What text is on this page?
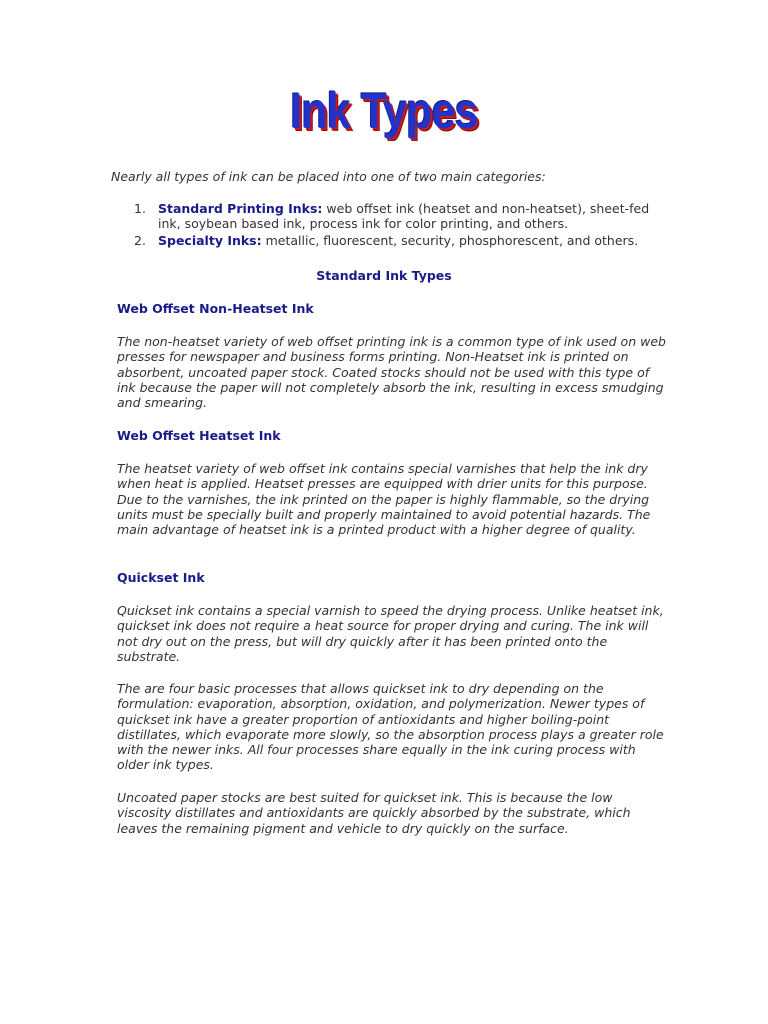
Ink Types
Nearly all types of ink can be placed into one of two main categories:
1. Standard Printing Inks: web offset ink (heatset and non-heatset), sheet-fed ink, soybean based ink, process ink for color printing, and others.
2. Specialty Inks: metallic, fluorescent, security, phosphorescent, and others.
Standard Ink Types
Web Offset Non-Heatset Ink

The non-heatset variety of web offset printing ink is a common type of ink used on web presses for newspaper and business forms printing. Non-Heatset ink is printed on absorbent, uncoated paper stock. Coated stocks should not be used with this type of ink because the paper will not completely absorb the ink, resulting in excess smudging and smearing.

Web Offset Heatset Ink

The heatset variety of web offset ink contains special varnishes that help the ink dry when heat is applied. Heatset presses are equipped with drier units for this purpose. Due to the varnishes, the ink printed on the paper is highly flammable, so the drying units must be specially built and properly maintained to avoid potential hazards. The main advantage of heatset ink is a printed product with a higher degree of quality.

Quickset Ink

Quickset ink contains a special varnish to speed the drying process. Unlike heatset ink, quickset ink does not require a heat source for proper drying and curing. The ink will not dry out on the press, but will dry quickly after it has been printed onto the substrate.

The are four basic processes that allows quickset ink to dry depending on the formulation: evaporation, absorption, oxidation, and polymerization. Newer types of quickset ink have a greater proportion of antioxidants and higher boiling-point distillates, which evaporate more slowly, so the absorption process plays a greater role with the newer inks. All four processes share equally in the ink curing process with older ink types.

Uncoated paper stocks are best suited for quickset ink. This is because the low viscosity distillates and antioxidants are quickly absorbed by the substrate, which leaves the remaining pigment and vehicle to dry quickly on the surface.
